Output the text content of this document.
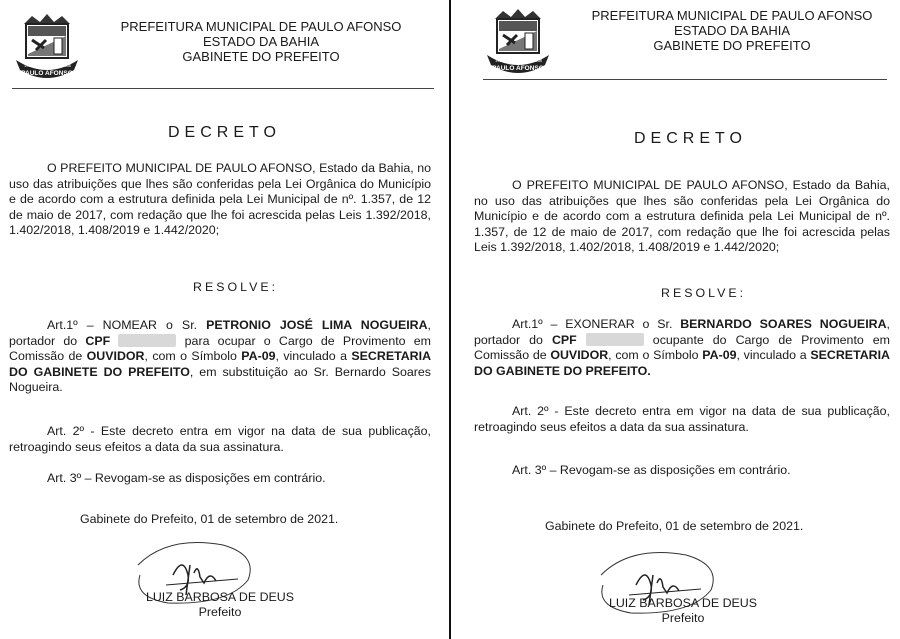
PAULO AFONSO
1958	1958
PREFEITURA MUNICIPAL DE PAULO AFONSO
ESTADO DA BAHIA
GABINETE DO PREFEITO
DECRETO
O PREFEITO MUNICIPAL DE PAULO AFONSO, Estado da Bahia, no uso das atribuições que lhes são conferidas pela Lei Orgânica do Município e de acordo com a estrutura definida pela Lei Municipal de nº. 1.357, de 12 de maio de 2017, com redação que lhe foi acrescida pelas Leis 1.392/2018, 1.402/2018, 1.408/2019 e 1.442/2020;
RESOLVE:
Art.1º – NOMEAR o Sr. PETRONIO JOSÉ LIMA NOGUEIRA, portador do CPF	para ocupar o Cargo de Provimento em Comissão de OUVIDOR, com o Símbolo PA-09, vinculado a SECRETARIA DO GABINETE DO PREFEITO, em substituição ao Sr. Bernardo Soares Nogueira.
Art. 2º - Este decreto entra em vigor na data de sua publicação, retroagindo seus efeitos a data da sua assinatura.
Art. 3º – Revogam-se as disposições em contrário.
Gabinete do Prefeito, 01 de setembro de 2021.
LUIZ BARBOSA DE DEUS
Prefeito
PAULO AFONSO
1958	1958
PREFEITURA MUNICIPAL DE PAULO AFONSO
ESTADO DA BAHIA
GABINETE DO PREFEITO
DECRETO
O PREFEITO MUNICIPAL DE PAULO AFONSO, Estado da Bahia, no uso das atribuições que lhes são conferidas pela Lei Orgânica do Município e de acordo com a estrutura definida pela Lei Municipal de nº. 1.357, de 12 de maio de 2017, com redação que lhe foi acrescida pelas Leis 1.392/2018, 1.402/2018, 1.408/2019 e 1.442/2020;
RESOLVE:
Art.1º – EXONERAR o Sr. BERNARDO SOARES NOGUEIRA, portador do CPF	ocupante do Cargo de Provimento em Comissão de OUVIDOR, com o Símbolo PA-09, vinculado a SECRETARIA DO GABINETE DO PREFEITO.
Art. 2º - Este decreto entra em vigor na data de sua publicação, retroagindo seus efeitos a data da sua assinatura.
Art. 3º – Revogam-se as disposições em contrário.
Gabinete do Prefeito, 01 de setembro de 2021.
LUIZ BARBOSA DE DEUS
Prefeito
